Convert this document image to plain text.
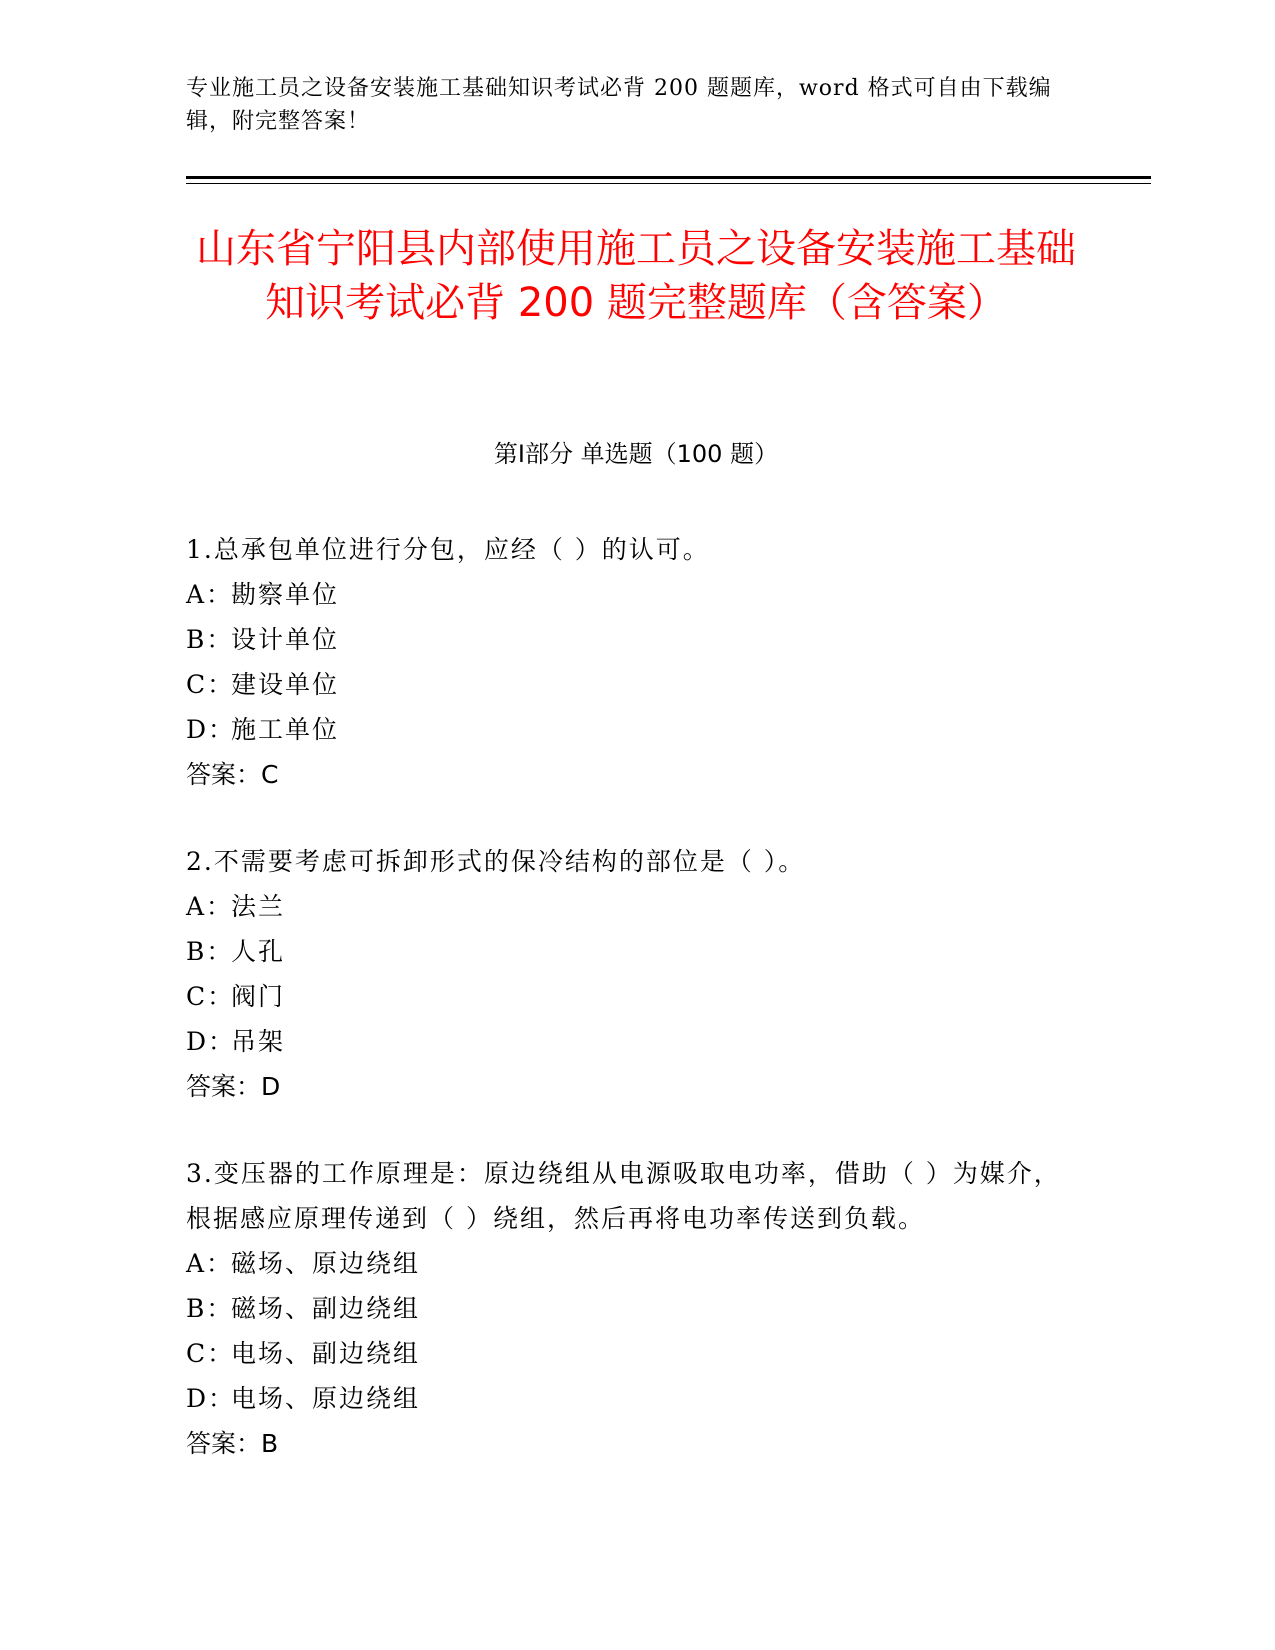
专业施工员之设备安装施工基础知识考试必背 200 题题库，word 格式可自由下载编辑，附完整答案！
山东省宁阳县内部使用施工员之设备安装施工基础知识考试必背 200 题完整题库（含答案）
第Ⅰ部分 单选题（100 题）

1.总承包单位进行分包，应经（ ）的认可。

A：勘察单位

B：设计单位

C：建设单位

D：施工单位

答案：C

2.不需要考虑可拆卸形式的保冷结构的部位是（ ）。

A：法兰

B：人孔

C：阀门

D：吊架

答案：D

3.变压器的工作原理是：原边绕组从电源吸取电功率，借助（ ）为媒介，根据感应原理传递到（ ）绕组，然后再将电功率传送到负载。

A：磁场、原边绕组

B：磁场、副边绕组

C：电场、副边绕组

D：电场、原边绕组

答案：B
